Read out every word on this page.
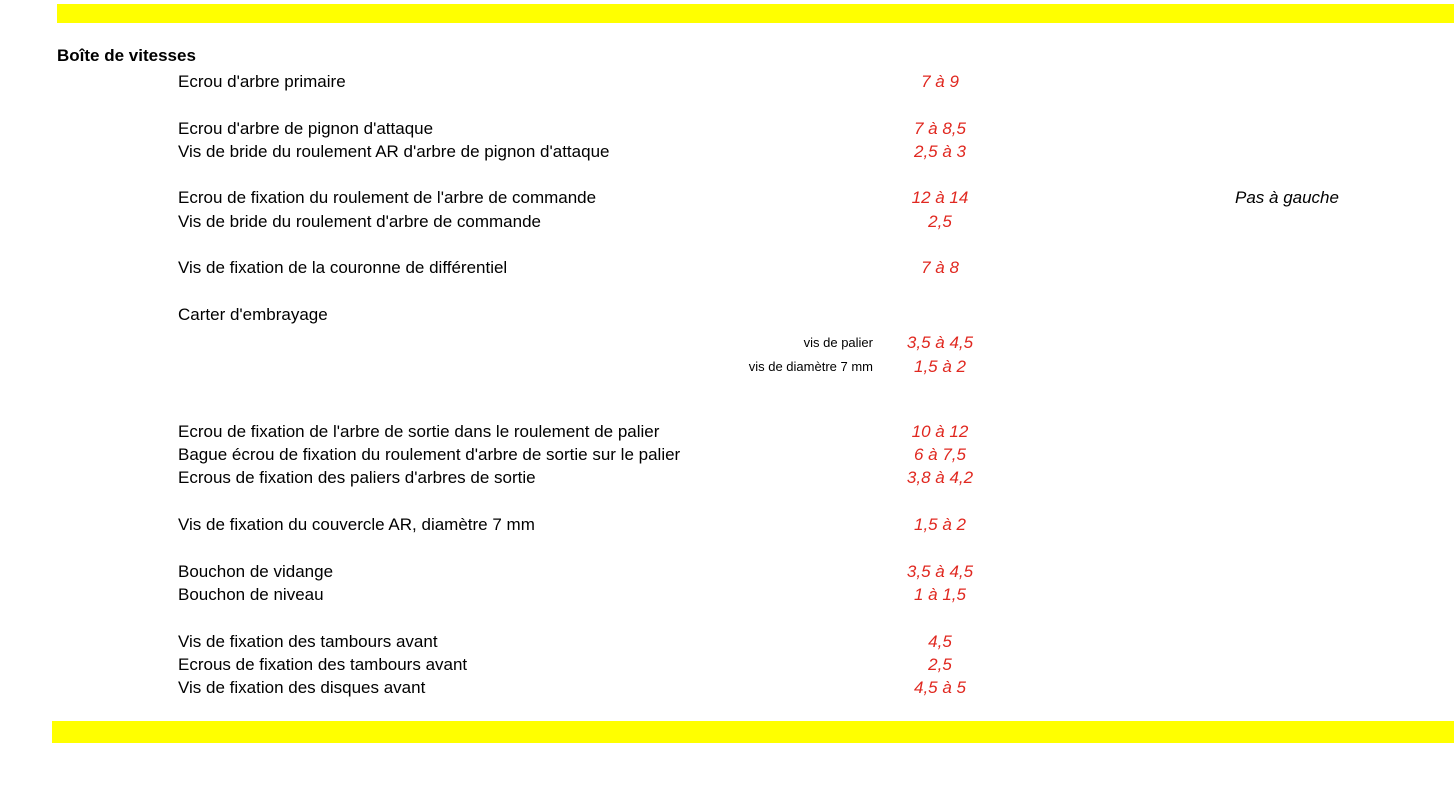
Boîte de vitesses
Ecrou d'arbre primaire	7 à 9
Ecrou d'arbre de pignon d'attaque	7 à 8,5
Vis de bride du roulement AR d'arbre de pignon d'attaque	2,5 à 3
Ecrou de fixation du roulement de l'arbre de commande	12 à 14	Pas à gauche
Vis de bride du roulement d'arbre de commande	2,5
Vis de fixation de la couronne de différentiel	7 à 8
Carter d'embrayage
vis de palier	3,5 à 4,5
vis de diamètre 7 mm	1,5 à 2
Ecrou de fixation de l'arbre de sortie dans le roulement de palier	10 à 12
Bague écrou de fixation du roulement d'arbre de sortie sur le palier	6 à 7,5
Ecrous de fixation des paliers d'arbres de sortie	3,8 à 4,2
Vis de fixation du couvercle AR, diamètre 7 mm	1,5 à 2
Bouchon de vidange	3,5 à 4,5
Bouchon de niveau	1 à 1,5
Vis de fixation des tambours avant	4,5
Ecrous de fixation des tambours avant	2,5
Vis de fixation des disques avant	4,5 à 5
